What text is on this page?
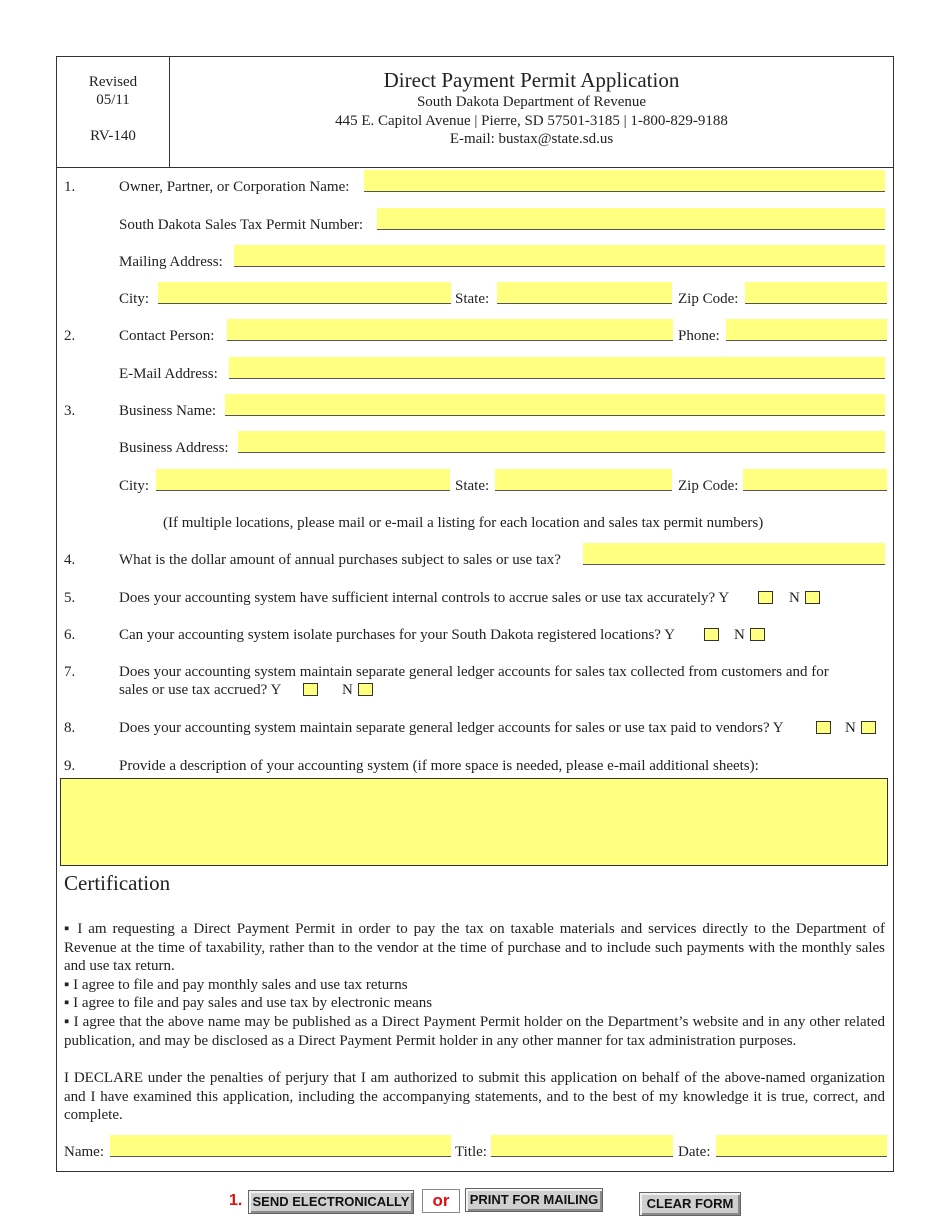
Revised
05/11
RV-140
Direct Payment Permit Application
South Dakota Department of Revenue
445 E. Capitol Avenue | Pierre, SD 57501-3185 | 1-800-829-9188
E-mail: bustax@state.sd.us
1.	Owner, Partner, or Corporation Name:
South Dakota Sales Tax Permit Number:
Mailing Address:
City:	State:	Zip Code:
2.	Contact Person:	Phone:
E-Mail Address:
3.	Business Name:
Business Address:
City:	State:	Zip Code:
(If multiple locations, please mail or e-mail a listing for each location and sales tax permit numbers)
4.	What is the dollar amount of annual purchases subject to sales or use tax?
5.	Does your accounting system have sufficient internal controls to accrue sales or use tax accurately? Y	N
6.	Can your accounting system isolate purchases for your South Dakota registered locations? Y	N
7.	Does your accounting system maintain separate general ledger accounts for sales tax collected from customers and for
sales or use tax accrued? Y	N
8.	Does your accounting system maintain separate general ledger accounts for sales or use tax paid to vendors? Y	N
9.	Provide a description of your accounting system (if more space is needed, please e-mail additional sheets):
Certification
▪ I am requesting a Direct Payment Permit in order to pay the tax on taxable materials and services directly to the Department of Revenue at the time of taxability, rather than to the vendor at the time of purchase and to include such payments with the monthly sales and use tax return.
▪ I agree to file and pay monthly sales and use tax returns
▪ I agree to file and pay sales and use tax by electronic means
▪ I agree that the above name may be published as a Direct Payment Permit holder on the Department’s website and in any other related publication, and may be disclosed as a Direct Payment Permit holder in any other manner for tax administration purposes.
I DECLARE under the penalties of perjury that I am authorized to submit this application on behalf of the above-named organization and I have examined this application, including the accompanying statements, and to the best of my knowledge it is true, correct, and complete.
Name:	Title:	Date:
1. SEND ELECTRONICALLY	or	PRINT FOR MAILING	CLEAR FORM
